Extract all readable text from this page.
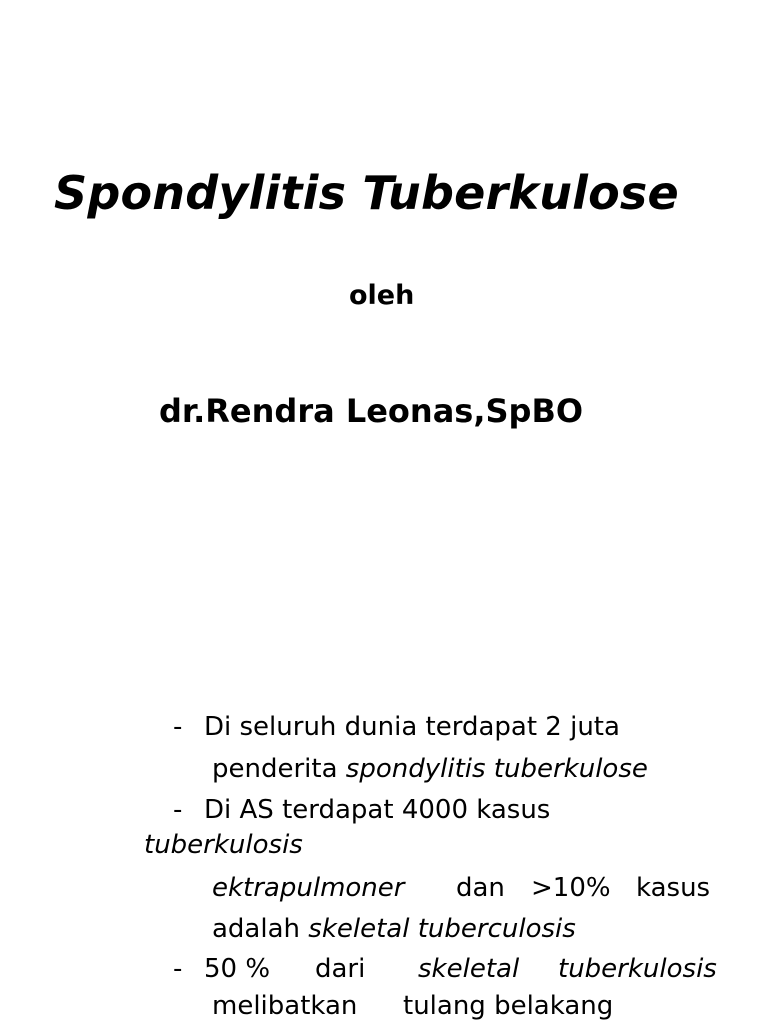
Spondylitis Tuberkulose
oleh
dr.Rendra Leonas,SpBO
- Di seluruh dunia terdapat 2 juta
penderita spondylitis tuberkulose
- Di AS terdapat 4000 kasus
tuberkulosis
ektrapulmoner dan >10% kasus
adalah skeletal tuberculosis
- 50 % dari skeletal tuberkulosis
melibatkan tulang belakang
